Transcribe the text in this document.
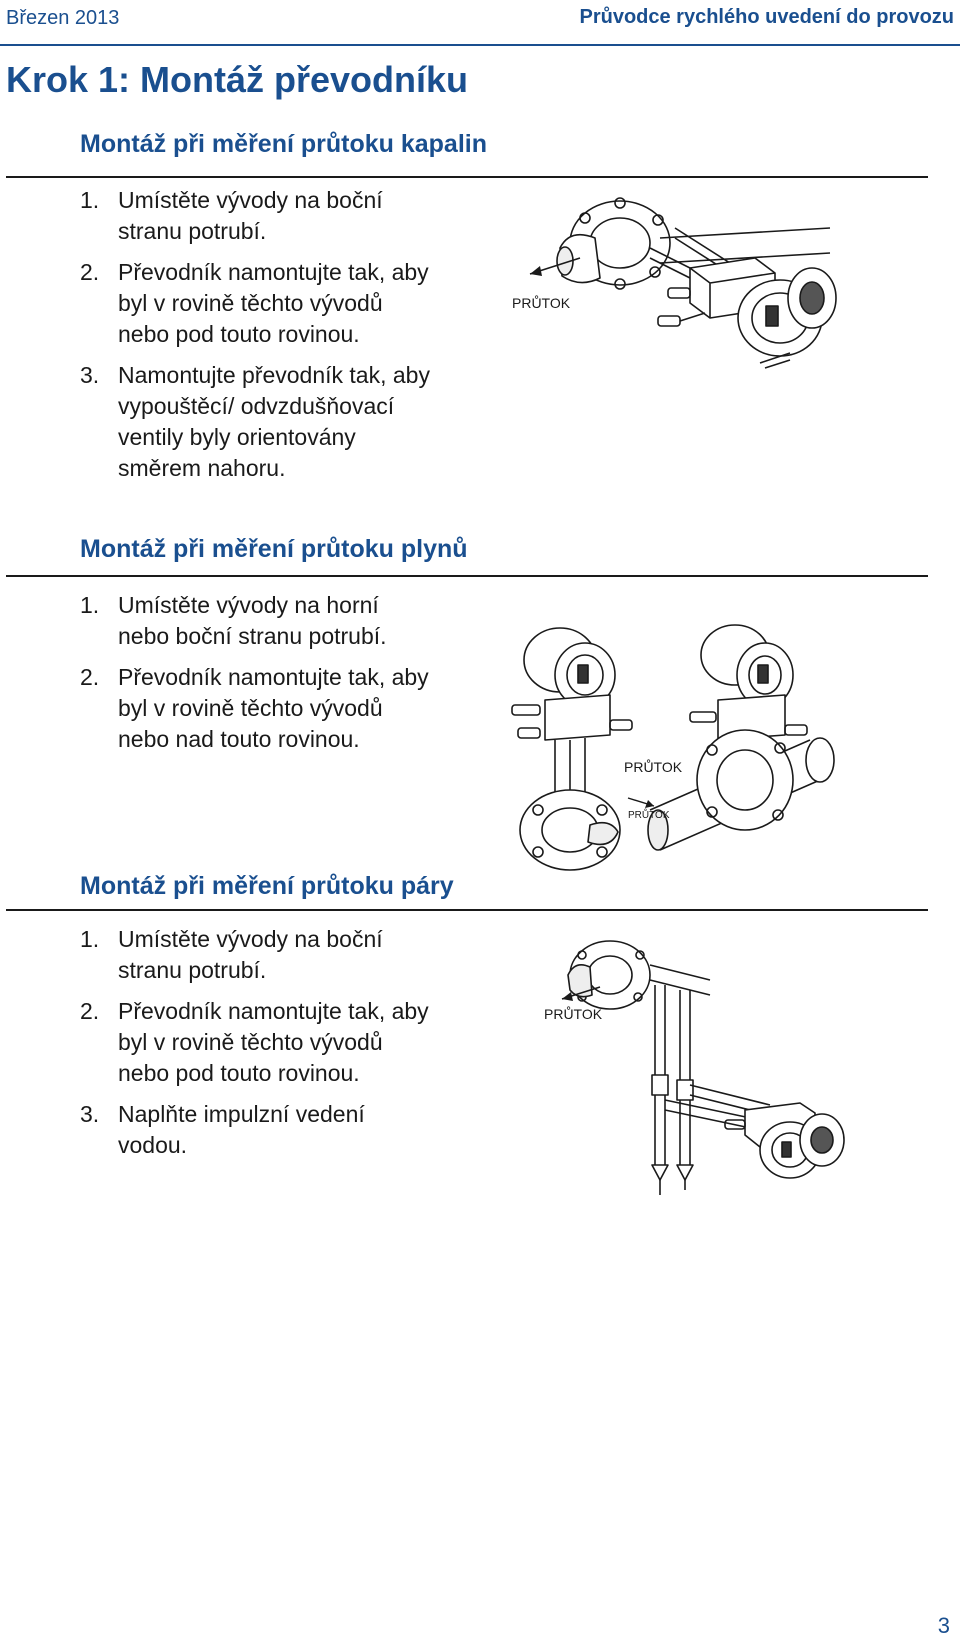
Březen 2013	Průvodce rychlého uvedení do provozu
Krok 1: Montáž převodníku
Montáž při měření průtoku kapalin
1. Umístěte vývody na boční stranu potrubí.
2. Převodník namontujte tak, aby byl v rovině těchto vývodů nebo pod touto rovinou.
3. Namontujte převodník tak, aby vypouštěcí/ odvzdušňovací ventily byly orientovány směrem nahoru.
PRŮTOK
Montáž při měření průtoku plynů
1. Umístěte vývody na horní nebo boční stranu potrubí.
2. Převodník namontujte tak, aby byl v rovině těchto vývodů nebo nad touto rovinou.
PRŮTOK
PRŮTOK
Montáž při měření průtoku páry
1. Umístěte vývody na boční stranu potrubí.
2. Převodník namontujte tak, aby byl v rovině těchto vývodů nebo pod touto rovinou.
3. Naplňte impulzní vedení vodou.
PRŮTOK
3
